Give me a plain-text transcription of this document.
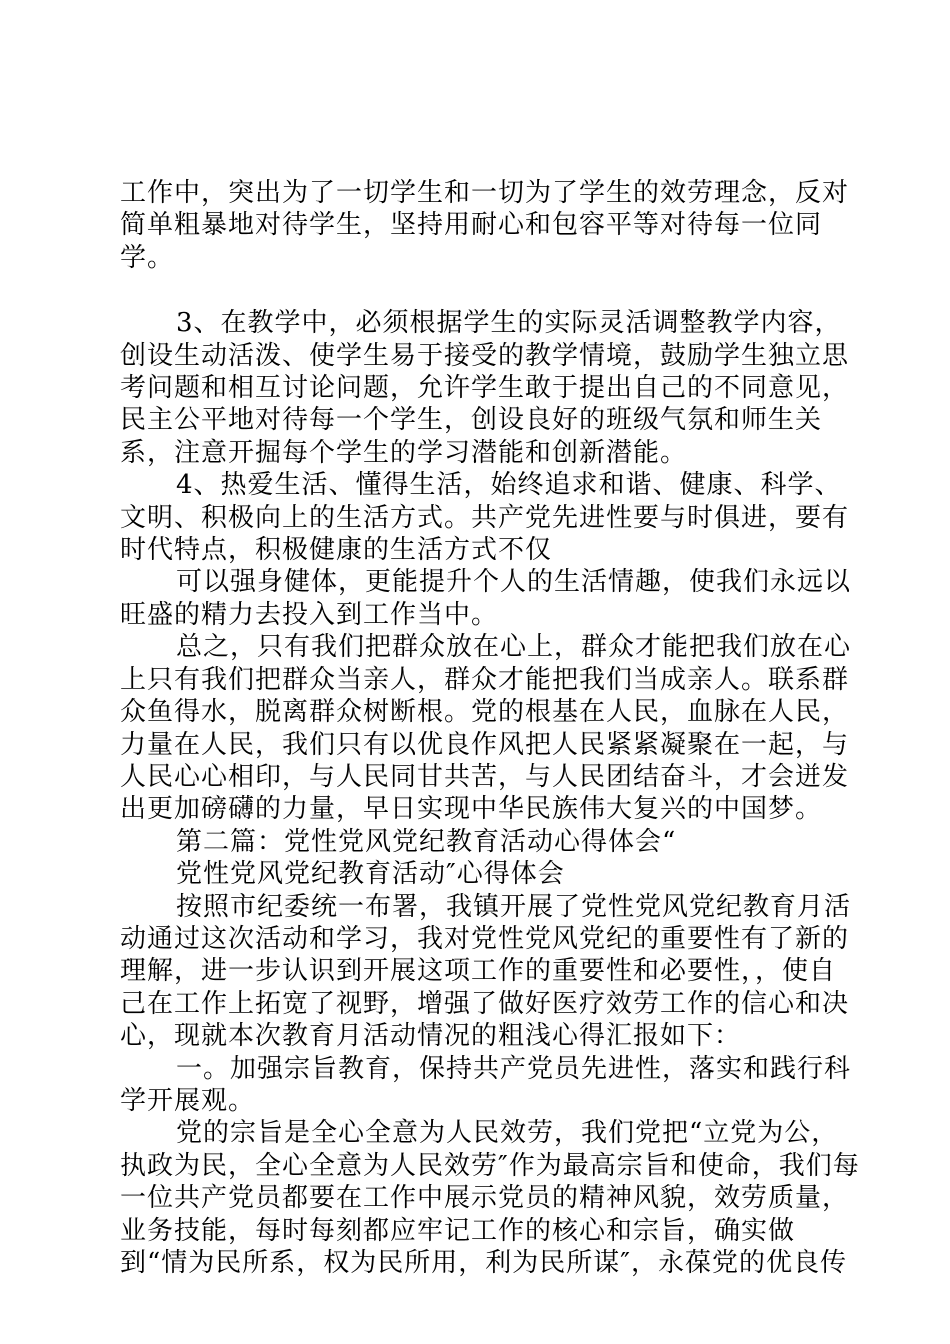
工作中，突出为了一切学生和一切为了学生的效劳理念，反对简单粗暴地对待学生，坚持用耐心和包容平等对待每一位同学。

3、在教学中，必须根据学生的实际灵活调整教学内容，创设生动活泼、使学生易于接受的教学情境，鼓励学生独立思考问题和相互讨论问题，允许学生敢于提出自己的不同意见，民主公平地对待每一个学生，创设良好的班级气氛和师生关系，注意开掘每个学生的学习潜能和创新潜能。

4、热爱生活、懂得生活，始终追求和谐、健康、科学、文明、积极向上的生活方式。共产党先进性要与时俱进，要有时代特点，积极健康的生活方式不仅

可以强身健体，更能提升个人的生活情趣，使我们永远以旺盛的精力去投入到工作当中。

总之，只有我们把群众放在心上，群众才能把我们放在心上只有我们把群众当亲人，群众才能把我们当成亲人。联系群众鱼得水，脱离群众树断根。党的根基在人民，血脉在人民，力量在人民，我们只有以优良作风把人民紧紧凝聚在一起，与人民心心相印，与人民同甘共苦，与人民团结奋斗，才会迸发出更加磅礴的力量，早日实现中华民族伟大复兴的中国梦。

第二篇：党性党风党纪教育活动心得体会“

党性党风党纪教育活动″心得体会

按照市纪委统一布署，我镇开展了党性党风党纪教育月活动通过这次活动和学习，我对党性党风党纪的重要性有了新的理解，进一步认识到开展这项工作的重要性和必要性，，使自己在工作上拓宽了视野，增强了做好医疗效劳工作的信心和决心，现就本次教育月活动情况的粗浅心得汇报如下：

一。加强宗旨教育，保持共产党员先进性，落实和践行科学开展观。

党的宗旨是全心全意为人民效劳，我们党把“立党为公，执政为民，全心全意为人民效劳″作为最高宗旨和使命，我们每一位共产党员都要在工作中展示党员的精神风貌，效劳质量，业务技能，每时每刻都应牢记工作的核心和宗旨，确实做到“情为民所系，权为民所用，利为民所谋″，永葆党的优良传
